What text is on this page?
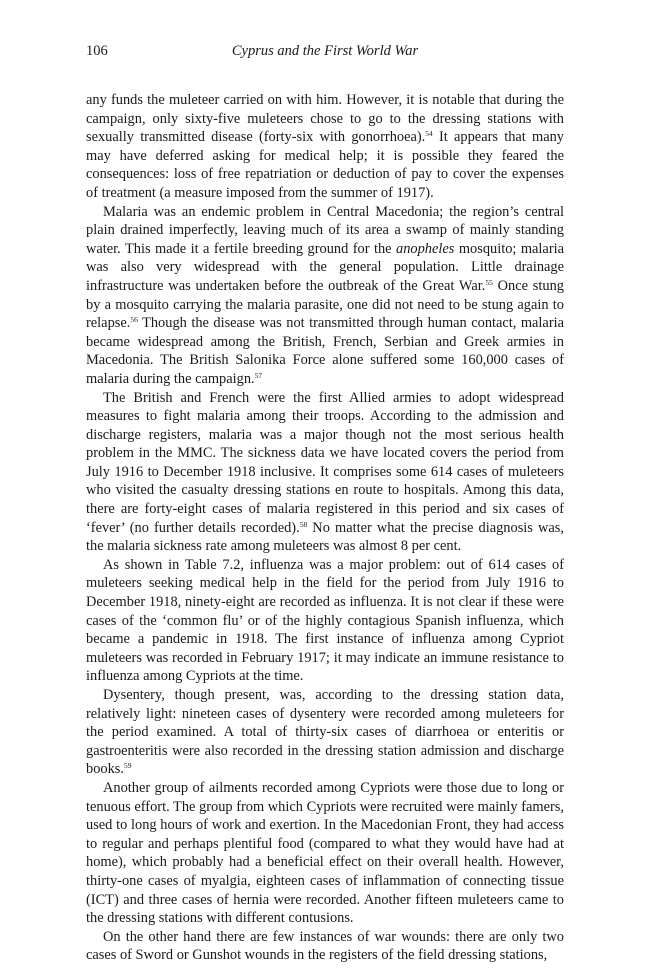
106	Cyprus and the First World War

any funds the muleteer carried on with him. However, it is notable that during the campaign, only sixty-five muleteers chose to go to the dressing stations with sexually transmitted disease (forty-six with gonorrhoea).$^{54}$ It appears that many may have deferred asking for medical help; it is possible they feared the consequences: loss of free repatriation or deduction of pay to cover the expenses of treatment (a measure imposed from the summer of 1917).

Malaria was an endemic problem in Central Macedonia; the region’s central plain drained imperfectly, leaving much of its area a swamp of mainly standing water. This made it a fertile breeding ground for the anopheles mosquito; malaria was also very widespread with the general population. Little drainage infrastructure was undertaken before the outbreak of the Great War.$^{55}$ Once stung by a mosquito carrying the malaria parasite, one did not need to be stung again to relapse.$^{56}$ Though the disease was not transmitted through human contact, malaria became widespread among the British, French, Serbian and Greek armies in Macedonia. The British Salonika Force alone suffered some 160,000 cases of malaria during the campaign.$^{57}$

The British and French were the first Allied armies to adopt widespread measures to fight malaria among their troops. According to the admission and discharge registers, malaria was a major though not the most serious health problem in the MMC. The sickness data we have located covers the period from July 1916 to December 1918 inclusive. It comprises some 614 cases of muleteers who visited the casualty dressing stations en route to hospitals. Among this data, there are forty-eight cases of malaria registered in this period and six cases of ‘fever’ (no further details recorded).$^{58}$ No matter what the precise diagnosis was, the malaria sickness rate among muleteers was almost 8 per cent.

As shown in Table 7.2, influenza was a major problem: out of 614 cases of muleteers seeking medical help in the field for the period from July 1916 to December 1918, ninety-eight are recorded as influenza. It is not clear if these were cases of the ‘common flu’ or of the highly contagious Spanish influenza, which became a pandemic in 1918. The first instance of influenza among Cypriot muleteers was recorded in February 1917; it may indicate an immune resistance to influenza among Cypriots at the time.

Dysentery, though present, was, according to the dressing station data, relatively light: nineteen cases of dysentery were recorded among muleteers for the period examined. A total of thirty-six cases of diarrhoea or enteritis or gastroenteritis were also recorded in the dressing station admission and discharge books.$^{59}$

Another group of ailments recorded among Cypriots were those due to long or tenuous effort. The group from which Cypriots were recruited were mainly famers, used to long hours of work and exertion. In the Macedonian Front, they had access to regular and perhaps plentiful food (compared to what they would have had at home), which probably had a beneficial effect on their overall health. However, thirty-one cases of myalgia, eighteen cases of inflammation of connecting tissue (ICT) and three cases of hernia were recorded. Another fifteen muleteers came to the dressing stations with different contusions.

On the other hand there are few instances of war wounds: there are only two cases of Sword or Gunshot wounds in the registers of the field dressing stations,
